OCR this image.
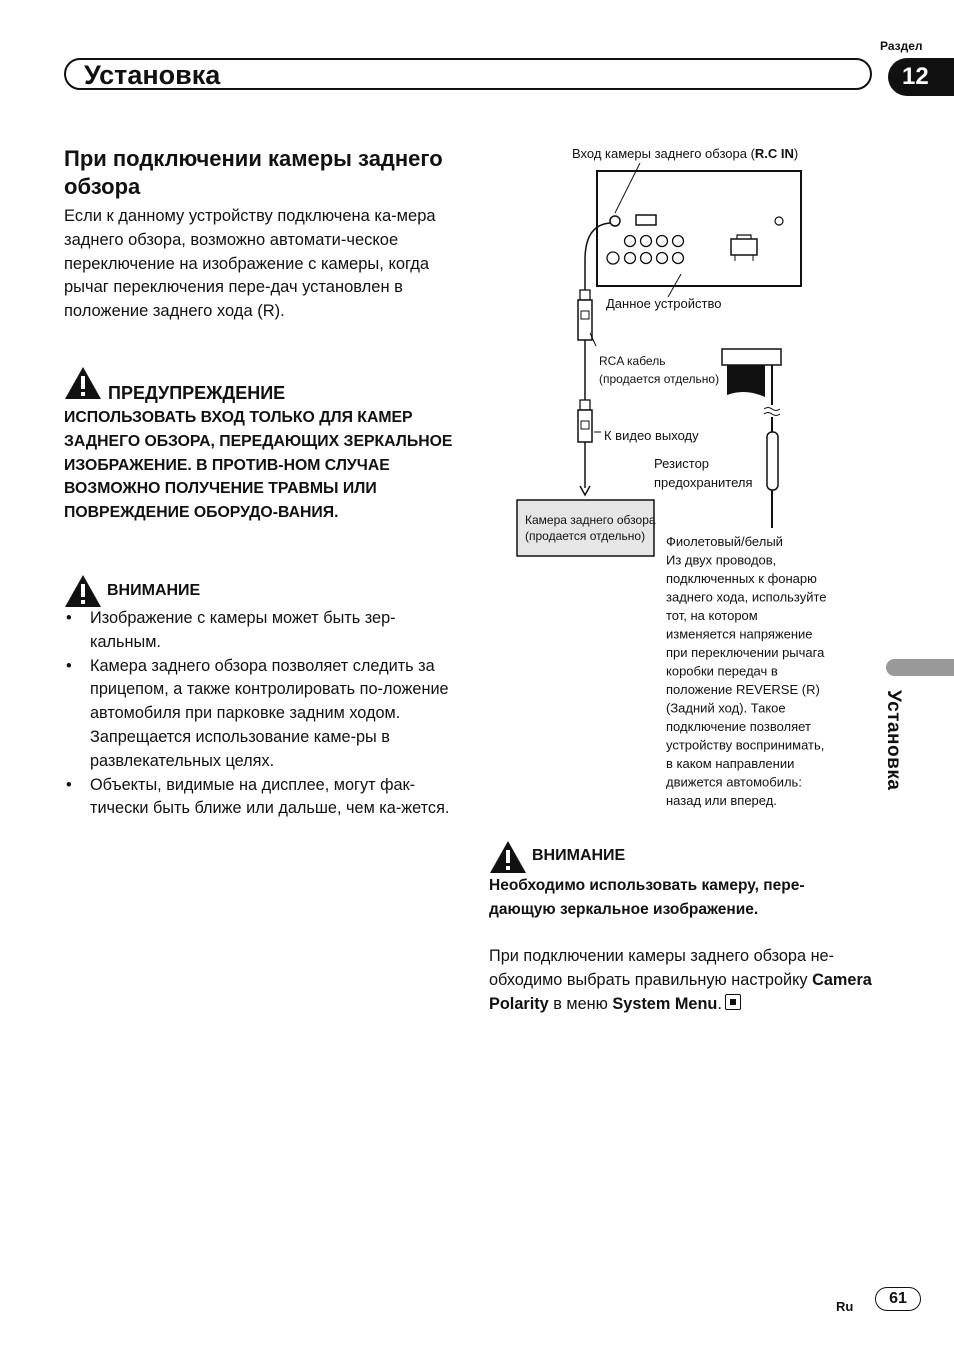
Раздел
Установка	12
При подключении камеры заднего обзора

Если к данному устройству подключена ка-мера заднего обзора, возможно автомати-ческое переключение на изображение с камеры, когда рычаг переключения пере-дач установлен в положение заднего хода (R).

ПРЕДУПРЕЖДЕНИЕ

ИСПОЛЬЗОВАТЬ ВХОД ТОЛЬКО ДЛЯ КАМЕР ЗАДНЕГО ОБЗОРА, ПЕРЕДАЮЩИХ ЗЕРКАЛЬНОЕ ИЗОБРАЖЕНИЕ. В ПРОТИВ-НОМ СЛУЧАЕ ВОЗМОЖНО ПОЛУЧЕНИЕ ТРАВМЫ ИЛИ ПОВРЕЖДЕНИЕ ОБОРУДО-ВАНИЯ.

ВНИМАНИЕ
• Изображение с камеры может быть зер-кальным.
• Камера заднего обзора позволяет следить за прицепом, а также контролировать по-ложение автомобиля при парковке задним ходом. Запрещается использование каме-ры в развлекательных целях.
• Объекты, видимые на дисплее, могут фак-тически быть ближе или дальше, чем ка-жется.
Вход камеры заднего обзора (R.C IN)
Данное устройство
RCA кабель
(продается отдельно)
К видео выходу
Резистор
предохранителя
Камера заднего обзора
(продается отдельно) Фиолетовый/белый
Из двух проводов,
подключенных к фонарю
заднего хода, используйте
тот, на котором
изменяется напряжение
при переключении рычага
коробки передач в
положение REVERSE (R)
(Задний ход). Такое
подключение позволяет
устройству воспринимать,
в каком направлении
движется автомобиль:
назад или вперед.
ВНИМАНИЕ

Необходимо использовать камеру, пере-дающую зеркальное изображение.

При подключении камеры заднего обзора не-обходимо выбрать правильную настройку Camera Polarity в меню System Menu.

Установка
Ru	61
